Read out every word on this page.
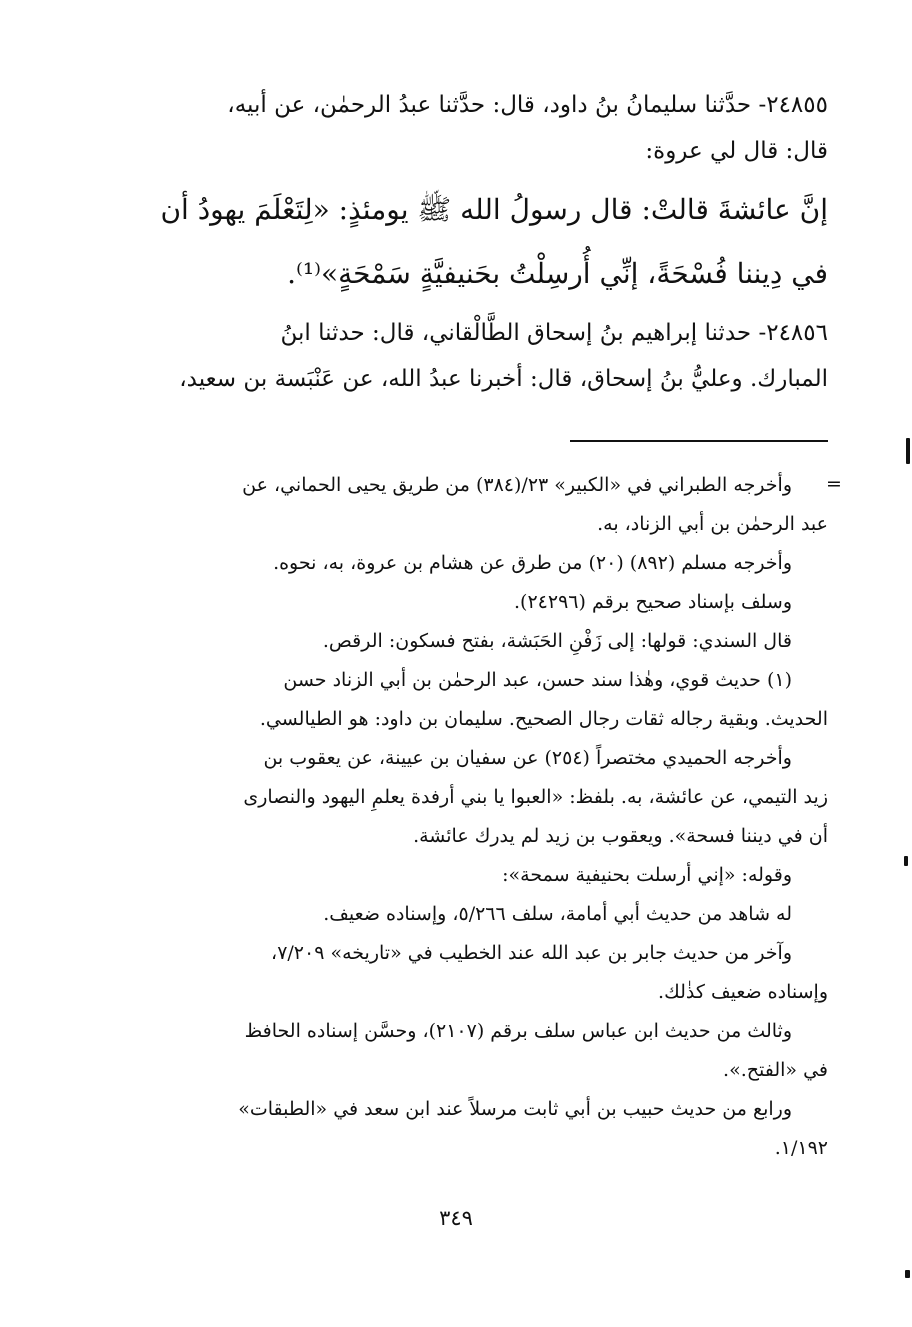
٢٤٨٥٥- حدَّثنا سليمانُ بنُ داود، قال: حدَّثنا عبدُ الرحمٰن، عن أبيه،

قال: قال لي عروة:

إنَّ عائشةَ قالتْ: قال رسولُ الله ﷺ يومئذٍ: «لِتَعْلَمَ يهودُ أن

في دِيننا فُسْحَةً، إنِّي أُرسِلْتُ بحَنيفيَّةٍ سَمْحَةٍ»⁽¹⁾.

٢٤٨٥٦- حدثنا إبراهيم بنُ إسحاق الطَّالْقاني، قال: حدثنا ابنُ

المبارك. وعليُّ بنُ إسحاق، قال: أخبرنا عبدُ الله، عن عَنْبَسة بن سعيد،

=

وأخرجه الطبراني في «الكبير» ٢٣/(٣٨٤) من طريق يحيى الحماني، عن

عبد الرحمٰن بن أبي الزناد، به.

وأخرجه مسلم (٨٩٢) (٢٠) من طرق عن هشام بن عروة، به، نحوه.

وسلف بإسناد صحيح برقم (٢٤٢٩٦).

قال السندي: قولها: إلى زَفْنِ الحَبَشة، بفتح فسكون: الرقص.

(١) حديث قوي، وهٰذا سند حسن، عبد الرحمٰن بن أبي الزناد حسن

الحديث. وبقية رجاله ثقات رجال الصحيح. سليمان بن داود: هو الطيالسي.

وأخرجه الحميدي مختصراً (٢٥٤) عن سفيان بن عيينة، عن يعقوب بن

زيد التيمي، عن عائشة، به. بلفظ: «العبوا يا بني أرفدة يعلمِ اليهود والنصارى

أن في ديننا فسحة». ويعقوب بن زيد لم يدرك عائشة.

وقوله: «إني أرسلت بحنيفية سمحة»:

له شاهد من حديث أبي أمامة، سلف ٥/٢٦٦، وإسناده ضعيف.

وآخر من حديث جابر بن عبد الله عند الخطيب في «تاريخه» ٧/٢٠٩،

وإسناده ضعيف كذٰلك.

وثالث من حديث ابن عباس سلف برقم (٢١٠٧)، وحسَّن إسناده الحافظ

في «الفتح.».

ورابع من حديث حبيب بن أبي ثابت مرسلاً عند ابن سعد في «الطبقات»

١/١٩٢.

٣٤٩
